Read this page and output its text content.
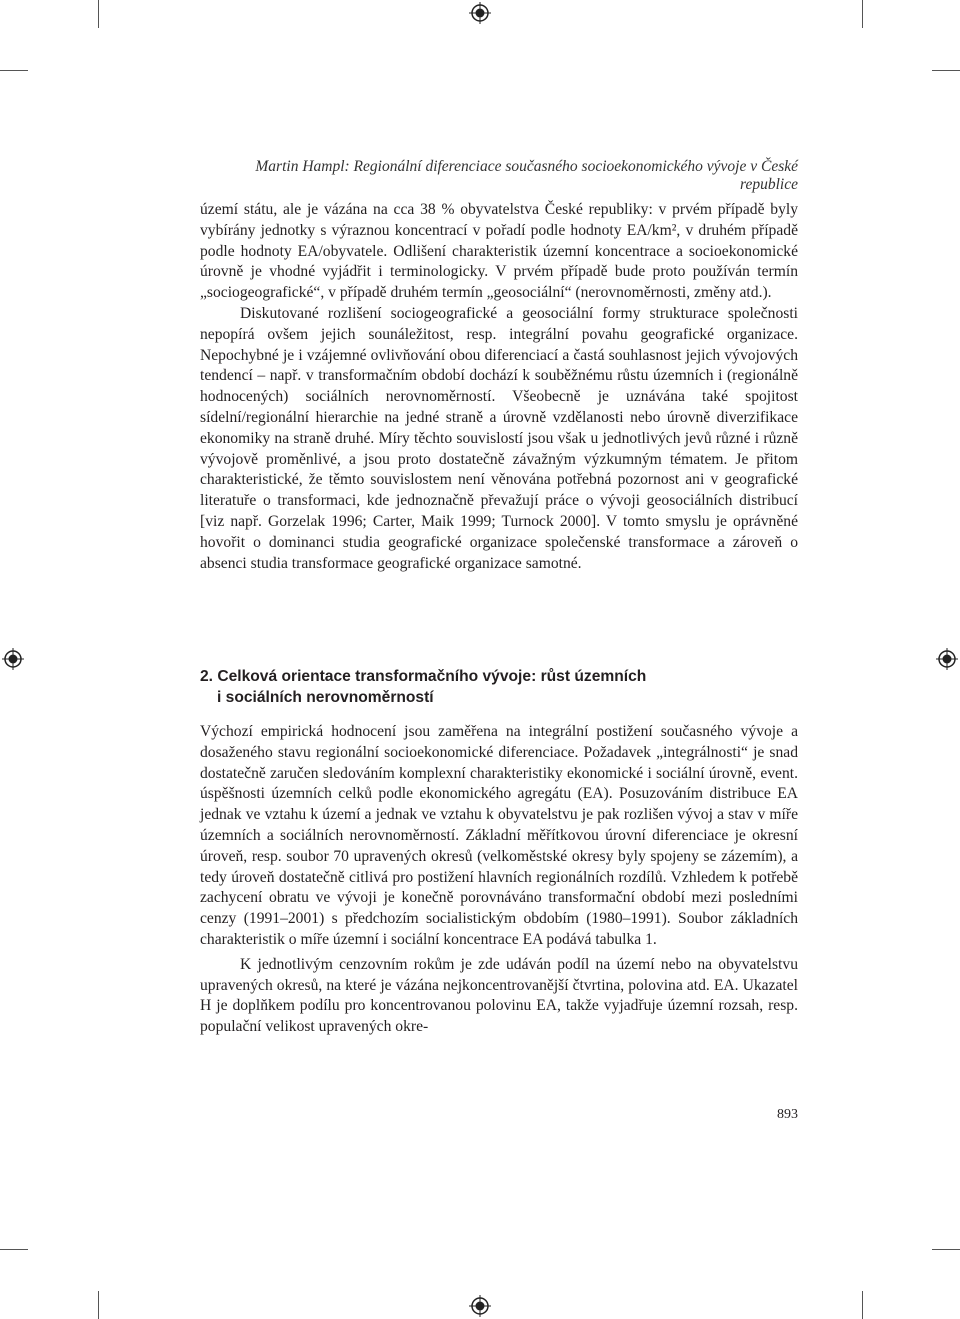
Martin Hampl: Regionální diferenciace současného socioekonomického vývoje v České republice

území státu, ale je vázána na cca 38 % obyvatelstva České republiky: v prvém případě byly vybírány jednotky s výraznou koncentrací v pořadí podle hodnoty EA/km², v druhém případě podle hodnoty EA/obyvatele. Odlišení charakteristik územní koncentrace a socioekonomické úrovně je vhodné vyjádřit i terminologicky. V prvém případě bude proto používán termín „sociogeografické“, v případě druhém termín „geosociální“ (nerovnoměrnosti, změny atd.).

Diskutované rozlišení sociogeografické a geosociální formy strukturace společnosti nepopírá ovšem jejich sounáležitost, resp. integrální povahu geografické organizace. Nepochybné je i vzájemné ovlivňování obou diferenciací a častá souhlasnost jejich vývojových tendencí – např. v transformačním období dochází k souběžnému růstu územních i (regionálně hodnocených) sociálních nerovnoměrností. Všeobecně je uznávána také spojitost sídelní/regionální hierarchie na jedné straně a úrovně vzdělanosti nebo úrovně diverzifikace ekonomiky na straně druhé. Míry těchto souvislostí jsou však u jednotlivých jevů různé i různě vývojově proměnlivé, a jsou proto dostatečně závažným výzkumným tématem. Je přitom charakteristické, že těmto souvislostem není věnována potřebná pozornost ani v geografické literatuře o transformaci, kde jednoznačně převažují práce o vývoji geosociálních distribucí [viz např. Gorzelak 1996; Carter, Maik 1999; Turnock 2000]. V tomto smyslu je oprávněné hovořit o dominanci studia geografické organizace společenské transformace a zároveň o absenci studia transformace geografické organizace samotné.

2. Celková orientace transformačního vývoje: růst územních
i sociálních nerovnoměrností

Výchozí empirická hodnocení jsou zaměřena na integrální postižení současného vývoje a dosaženého stavu regionální socioekonomické diferenciace. Požadavek „integrálnosti“ je snad dostatečně zaručen sledováním komplexní charakteristiky ekonomické i sociální úrovně, event. úspěšnosti územních celků podle ekonomického agregátu (EA). Posuzováním distribuce EA jednak ve vztahu k území a jednak ve vztahu k obyvatelstvu je pak rozlišen vývoj a stav v míře územních a sociálních nerovnoměrností. Základní měřítkovou úrovní diferenciace je okresní úroveň, resp. soubor 70 upravených okresů (velkoměstské okresy byly spojeny se zázemím), a tedy úroveň dostatečně citlivá pro postižení hlavních regionálních rozdílů. Vzhledem k potřebě zachycení obratu ve vývoji je konečně porovnáváno transformační období mezi posledními cenzy (1991–2001) s předchozím socialistickým obdobím (1980–1991). Soubor základních charakteristik o míře územní i sociální koncentrace EA podává tabulka 1.

K jednotlivým cenzovním rokům je zde udáván podíl na území nebo na obyvatelstvu upravených okresů, na které je vázána nejkoncentrovanější čtvrtina, polovina atd. EA. Ukazatel H je doplňkem podílu pro koncentrovanou polovinu EA, takže vyjadřuje územní rozsah, resp. populační velikost upravených okre-

893
